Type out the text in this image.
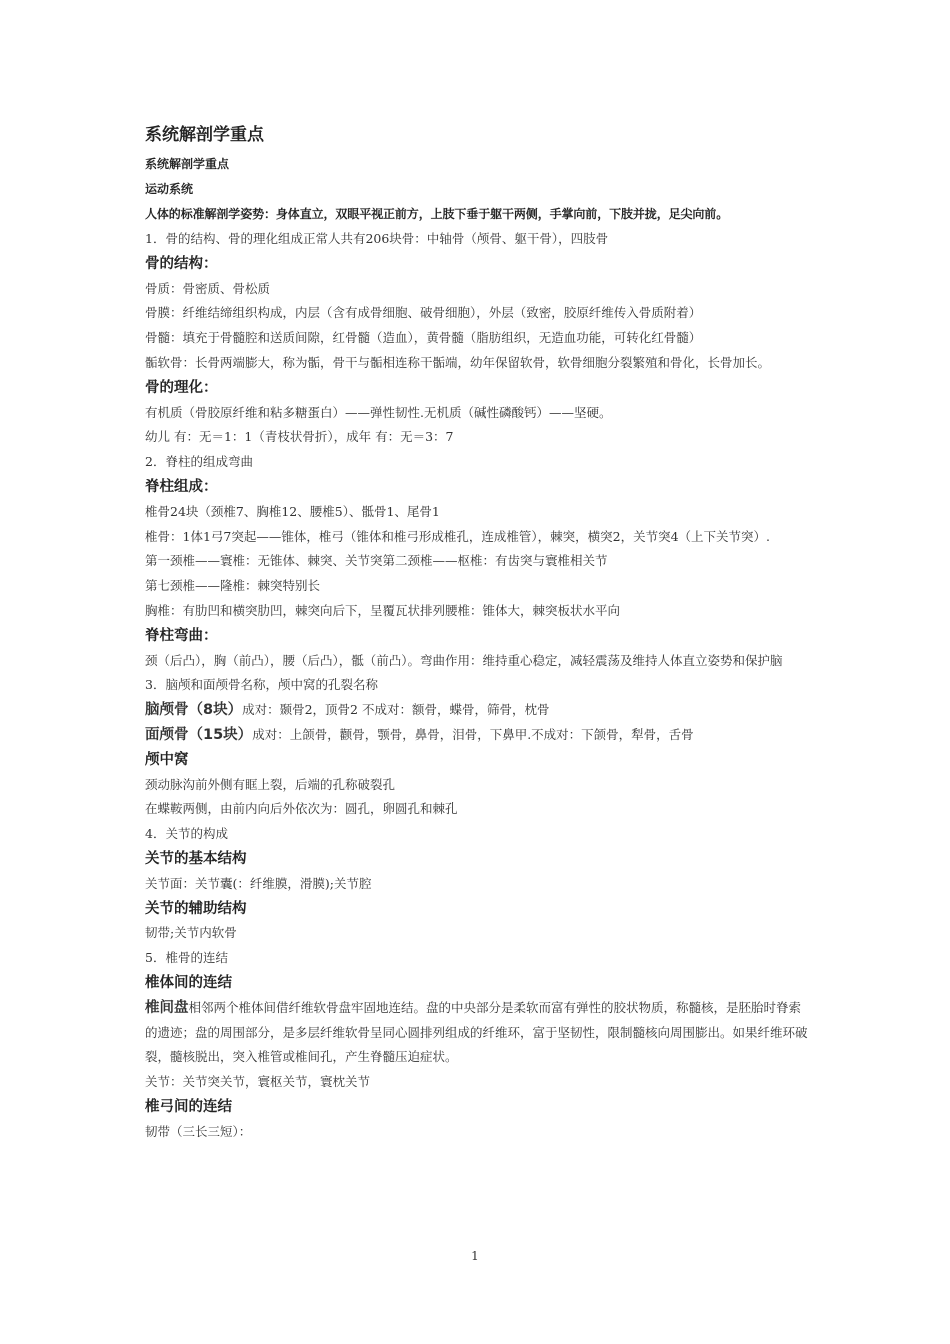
系统解剖学重点
系统解剖学重点
运动系统
人体的标准解剖学姿势：身体直立，双眼平视正前方，上肢下垂于躯干两侧，手掌向前，下肢并拢，足尖向前。
1．骨的结构、骨的理化组成正常人共有206块骨：中轴骨（颅骨、躯干骨），四肢骨
骨的结构：
骨质：骨密质、骨松质
骨膜：纤维结缔组织构成，内层（含有成骨细胞、破骨细胞），外层（致密，胶原纤维传入骨质附着）
骨髓：填充于骨髓腔和送质间隙，红骨髓（造血），黄骨髓（脂肪组织，无造血功能，可转化红骨髓）
骺软骨：长骨两端膨大，称为骺，骨干与骺相连称干骺端，幼年保留软骨，软骨细胞分裂繁殖和骨化，长骨加长。
骨的理化：
有机质（骨胶原纤维和粘多糖蛋白）——弹性韧性.无机质（碱性磷酸钙）——坚硬。
幼儿 有：无＝1：1（青枝状骨折），成年 有：无＝3：7
2．脊柱的组成弯曲
脊柱组成：
椎骨24块（颈椎7、胸椎12、腰椎5）、骶骨1、尾骨1
椎骨：1体1弓7突起——锥体，椎弓（锥体和椎弓形成椎孔，连成椎管），棘突，横突2，关节突4（上下关节突）.
第一颈椎——寰椎：无锥体、棘突、关节突第二颈椎——枢椎：有齿突与寰椎相关节
第七颈椎——隆椎：棘突特别长
胸椎：有肋凹和横突肋凹，棘突向后下，呈覆瓦状排列腰椎：锥体大，棘突板状水平向
脊柱弯曲：
颈（后凸），胸（前凸），腰（后凸），骶（前凸）。弯曲作用：维持重心稳定，减轻震荡及维持人体直立姿势和保护脑
3．脑颅和面颅骨名称，颅中窝的孔裂名称
脑颅骨（8块）成对：颞骨2，顶骨2 不成对：额骨，蝶骨，筛骨，枕骨
面颅骨（15块）成对：上颌骨，颧骨，颚骨，鼻骨，泪骨，下鼻甲.不成对：下颌骨，犁骨，舌骨
颅中窝
颈动脉沟前外侧有眶上裂，后端的孔称破裂孔
在蝶鞍两侧，由前内向后外依次为：圆孔，卵圆孔和棘孔
4．关节的构成
关节的基本结构
关节面：关节囊(：纤维膜，滑膜);关节腔
关节的辅助结构
韧带;关节内软骨
5．椎骨的连结
椎体间的连结
椎间盘相邻两个椎体间借纤维软骨盘牢固地连结。盘的中央部分是柔软而富有弹性的胶状物质，称髓核，是胚胎时脊索的遗迹；盘的周围部分，是多层纤维软骨呈同心圆排列组成的纤维环，富于坚韧性，限制髓核向周围膨出。如果纤维环破裂，髓核脱出，突入椎管或椎间孔，产生脊髓压迫症状。
关节：关节突关节，寰枢关节，寰枕关节
椎弓间的连结
韧带（三长三短）：
1
